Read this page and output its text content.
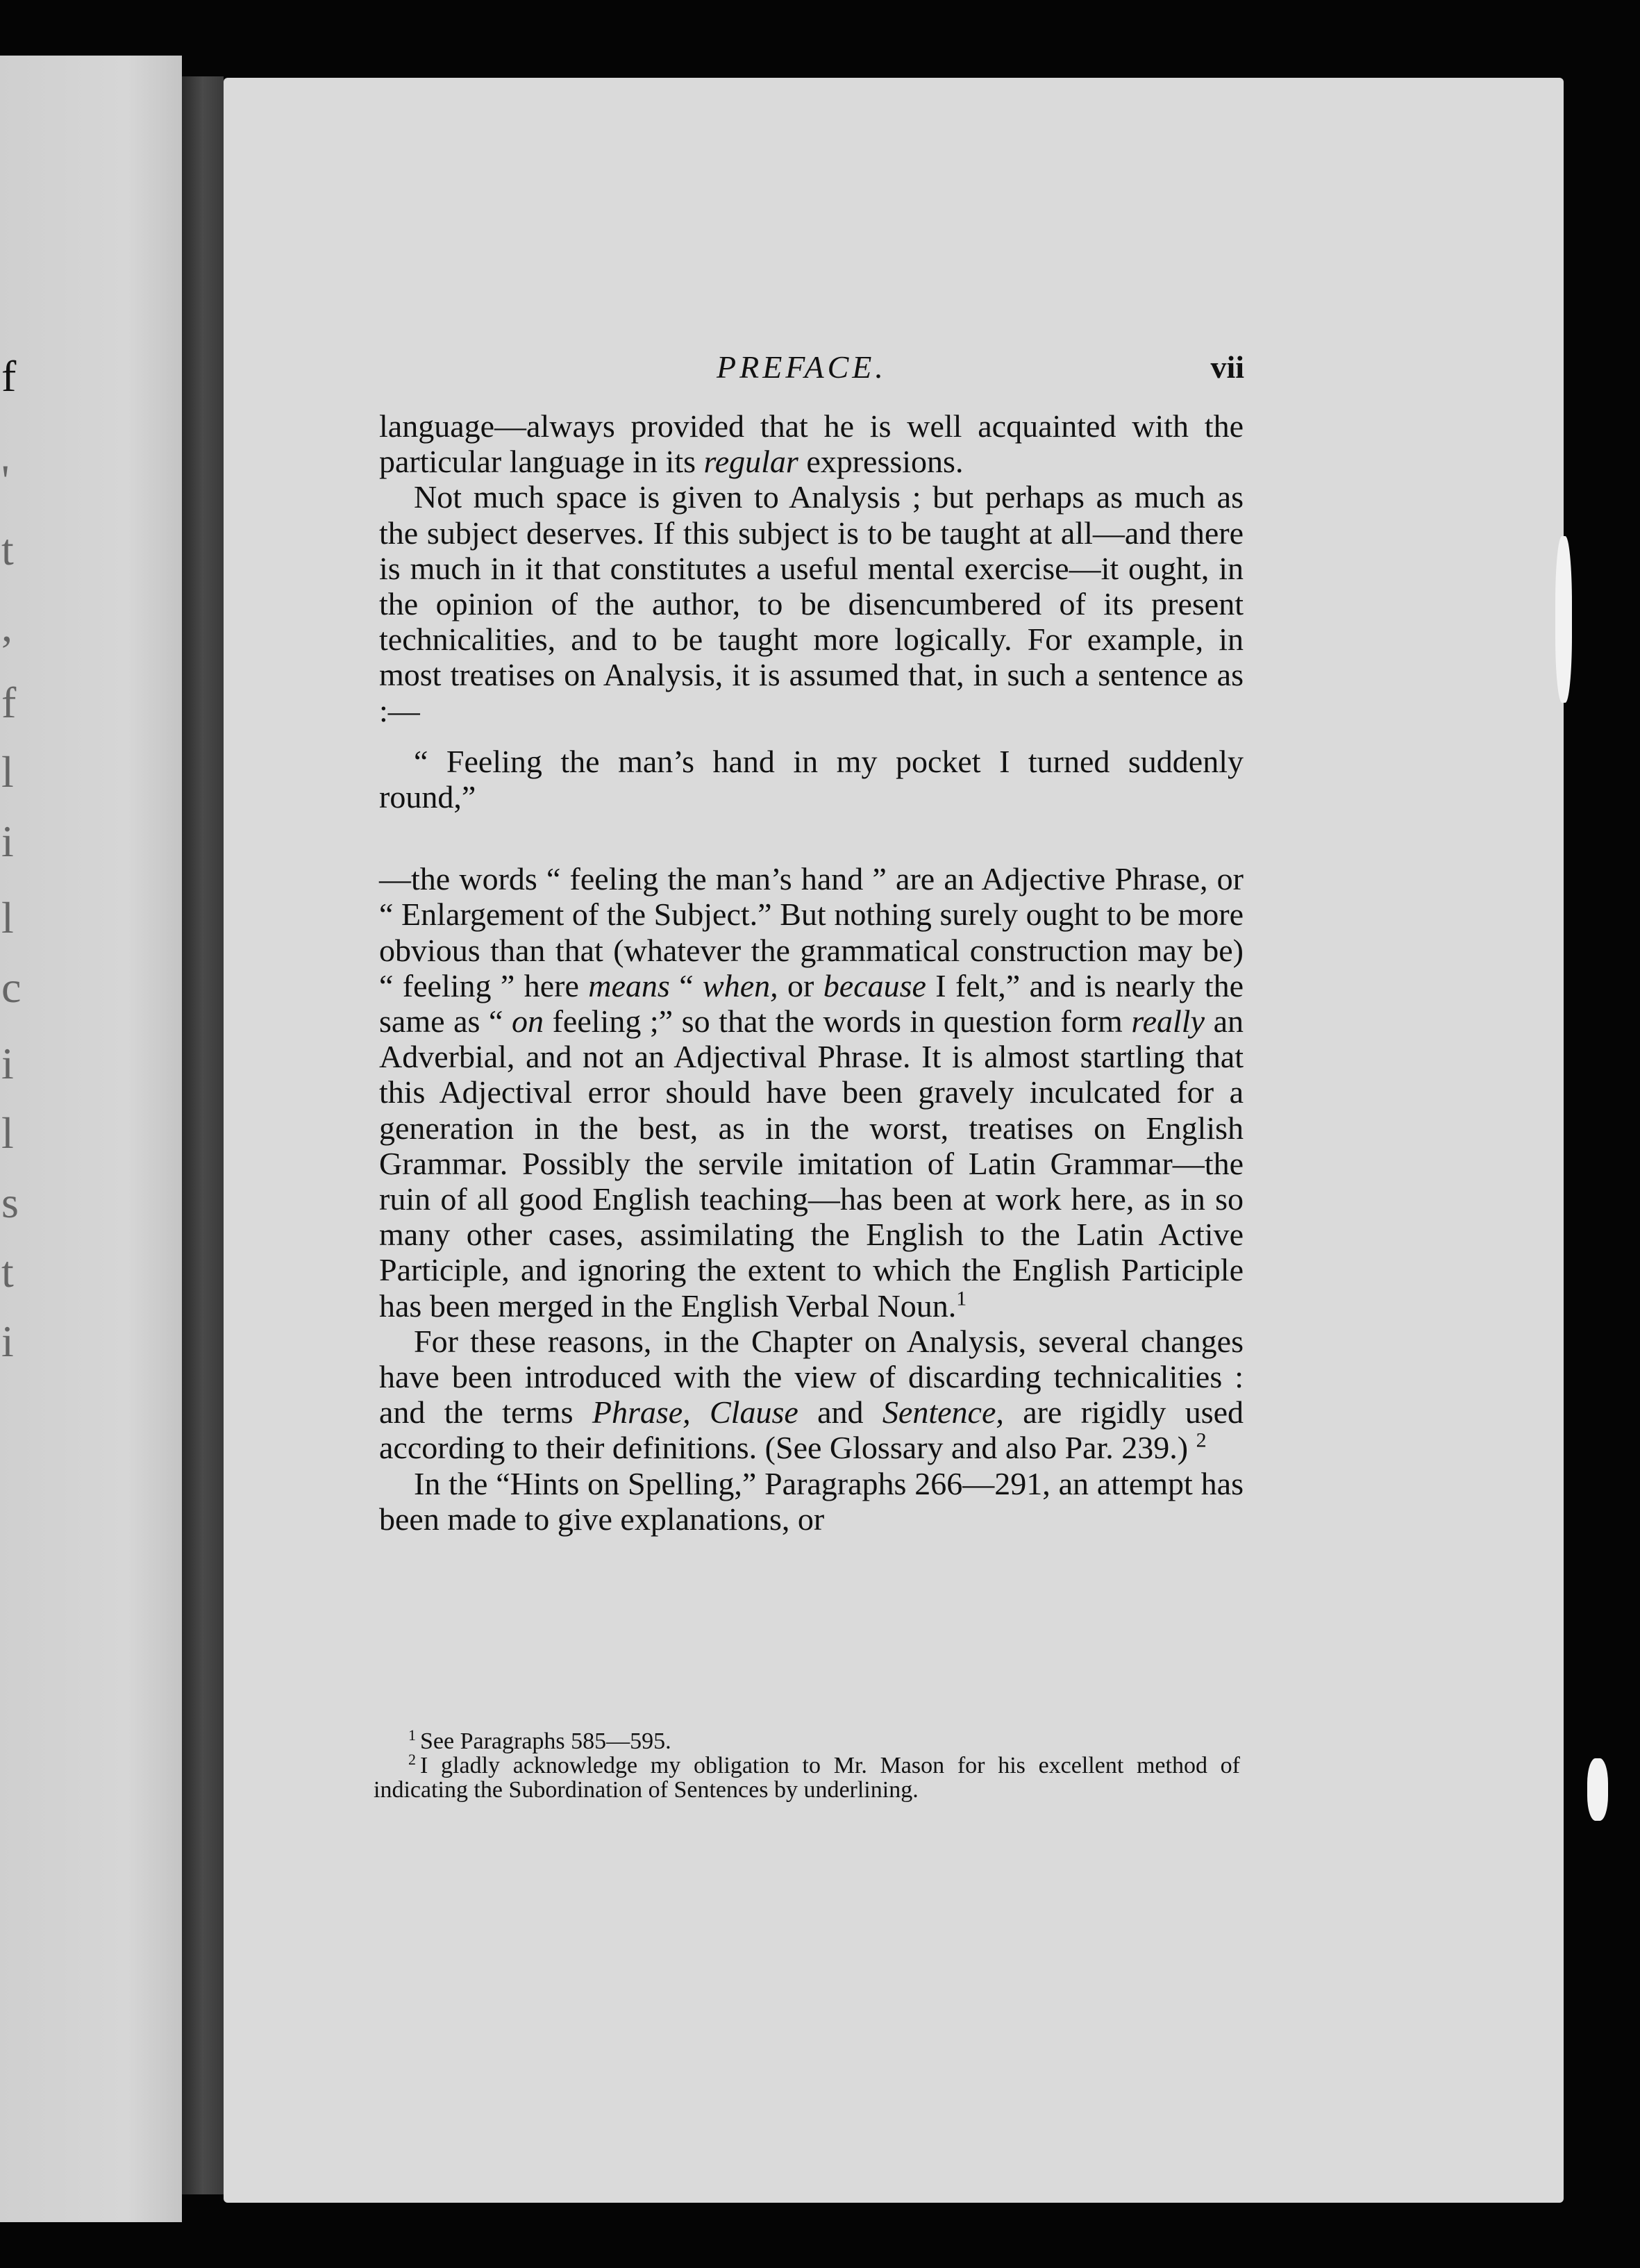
f
'
t
,
f
l
i
l
c
i
l
s
t
i
PREFACE.	vii

language—always provided that he is well acquainted with the particular language in its regular expressions.

Not much space is given to Analysis ; but perhaps as much as the subject deserves. If this subject is to be taught at all—and there is much in it that constitutes a useful mental exercise—it ought, in the opinion of the author, to be disencumbered of its present technicalities, and to be taught more logically. For example, in most treatises on Analysis, it is assumed that, in such a sentence as :—

“ Feeling the man’s hand in my pocket I turned suddenly round,”

—the words “ feeling the man’s hand ” are an Adjective Phrase, or “ Enlargement of the Subject.” But nothing surely ought to be more obvious than that (whatever the grammatical construction may be) “ feeling ” here means “ when, or because I felt,” and is nearly the same as “ on feeling ;” so that the words in question form really an Adverbial, and not an Adjectival Phrase. It is almost startling that this Adjectival error should have been gravely inculcated for a generation in the best, as in the worst, treatises on English Grammar. Possibly the servile imitation of Latin Grammar—the ruin of all good English teaching—has been at work here, as in so many other cases, assimilating the English to the Latin Active Participle, and ignoring the extent to which the English Participle has been merged in the English Verbal Noun.$^1$

For these reasons, in the Chapter on Analysis, several changes have been introduced with the view of discarding technicalities : and the terms Phrase, Clause and Sentence, are rigidly used according to their definitions. (See Glossary and also Par. 239.) $^2$

In the “Hints on Spelling,” Paragraphs 266—291, an attempt has been made to give explanations, or

$^1$ See Paragraphs 585—595.

$^2$ I gladly acknowledge my obligation to Mr. Mason for his excellent method of indicating the Subordination of Sentences by underlining.
